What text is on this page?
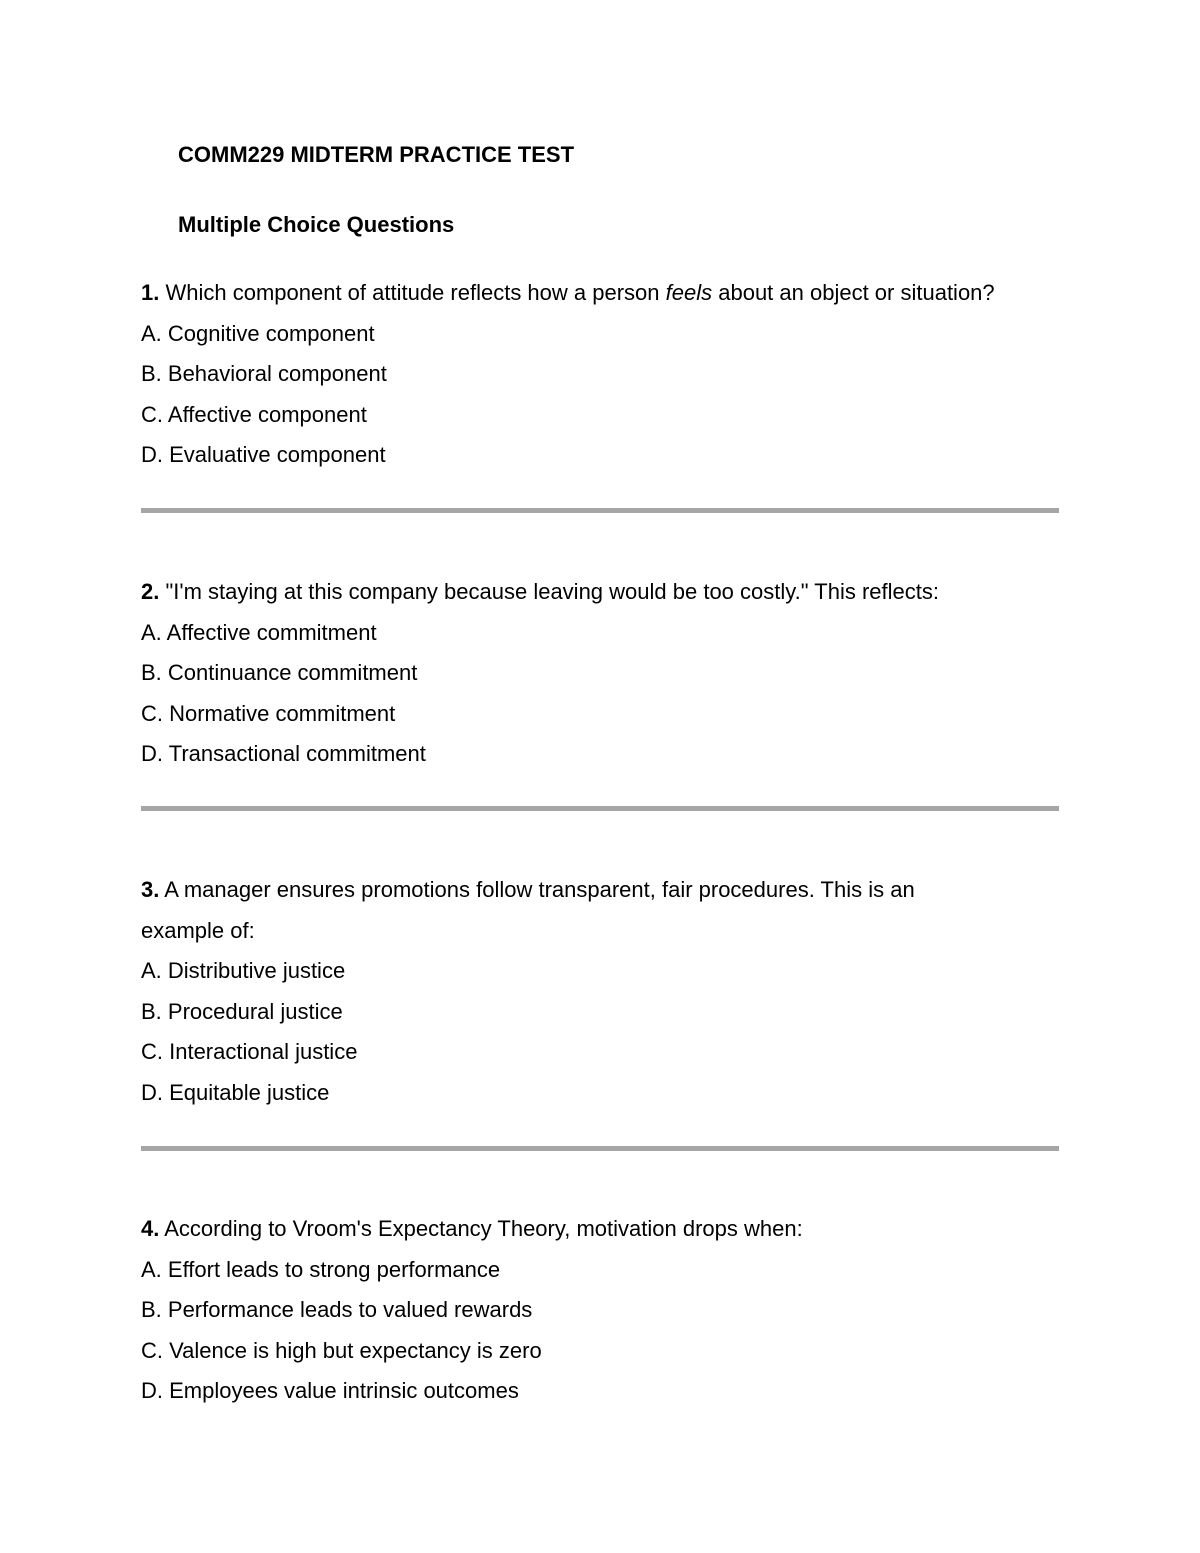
COMM229 MIDTERM PRACTICE TEST
Multiple Choice Questions
1. Which component of attitude reflects how a person feels about an object or situation?
A. Cognitive component
B. Behavioral component
C. Affective component
D. Evaluative component
2. "I'm staying at this company because leaving would be too costly." This reflects:
A. Affective commitment
B. Continuance commitment
C. Normative commitment
D. Transactional commitment
3. A manager ensures promotions follow transparent, fair procedures. This is an
example of:
A. Distributive justice
B. Procedural justice
C. Interactional justice
D. Equitable justice
4. According to Vroom's Expectancy Theory, motivation drops when:
A. Effort leads to strong performance
B. Performance leads to valued rewards
C. Valence is high but expectancy is zero
D. Employees value intrinsic outcomes
